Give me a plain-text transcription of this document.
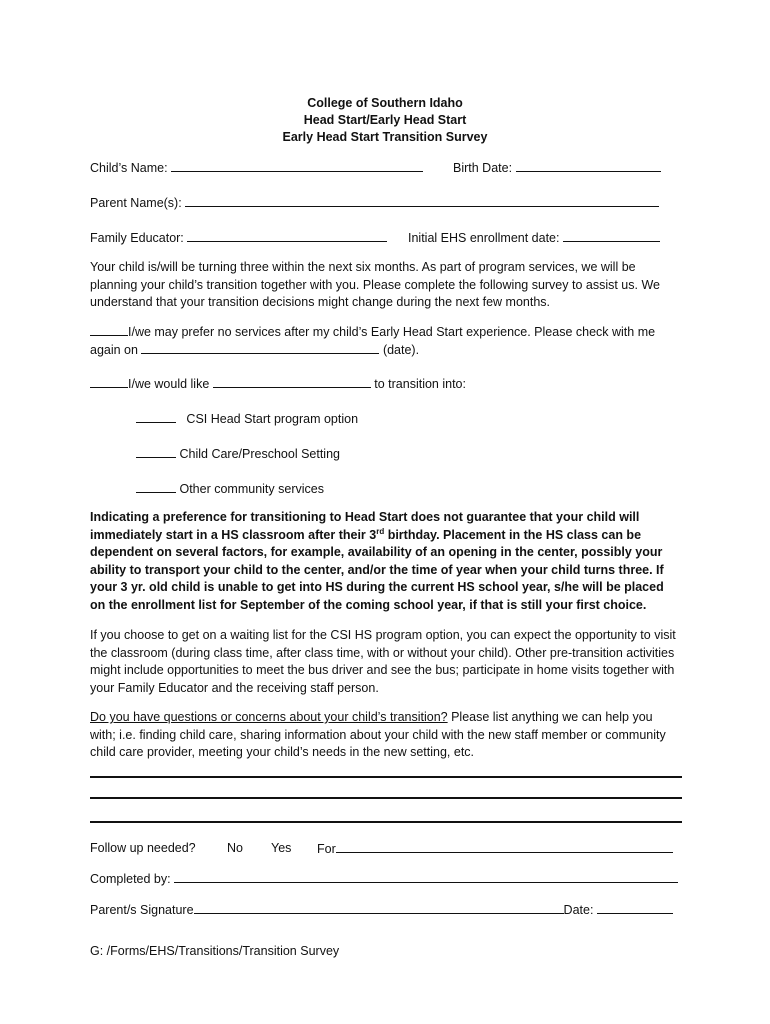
College of Southern Idaho
Head Start/Early Head Start
Early Head Start Transition Survey
Child’s Name:	Birth Date:
Parent Name(s):
Family Educator:	Initial EHS enrollment date:
Your child is/will be turning three within the next six months. As part of program services, we will be planning your child’s transition together with you. Please complete the following survey to assist us. We understand that your transition decisions might change during the next few months.
I/we may prefer no services after my child’s Early Head Start experience. Please check with me
again on	(date).
I/we would like	to transition into:
CSI Head Start program option
Child Care/Preschool Setting
Other community services
Indicating a preference for transitioning to Head Start does not guarantee that your child will immediately start in a HS classroom after their 3rd birthday. Placement in the HS class can be dependent on several factors, for example, availability of an opening in the center, possibly your ability to transport your child to the center, and/or the time of year when your child turns three. If your 3 yr. old child is unable to get into HS during the current HS school year, s/he will be placed on the enrollment list for September of the coming school year, if that is still your first choice.
If you choose to get on a waiting list for the CSI HS program option, you can expect the opportunity to visit the classroom (during class time, after class time, with or without your child). Other pre-transition activities might include opportunities to meet the bus driver and see the bus; participate in home visits together with your Family Educator and the receiving staff person.
Do you have questions or concerns about your child’s transition? Please list anything we can help you with; i.e. finding child care, sharing information about your child with the new staff member or community child care provider, meeting your child’s needs in the new setting, etc.
Follow up needed?	No Yes For
Completed by:
Parent/s Signature	Date:
G: /Forms/EHS/Transitions/Transition Survey
